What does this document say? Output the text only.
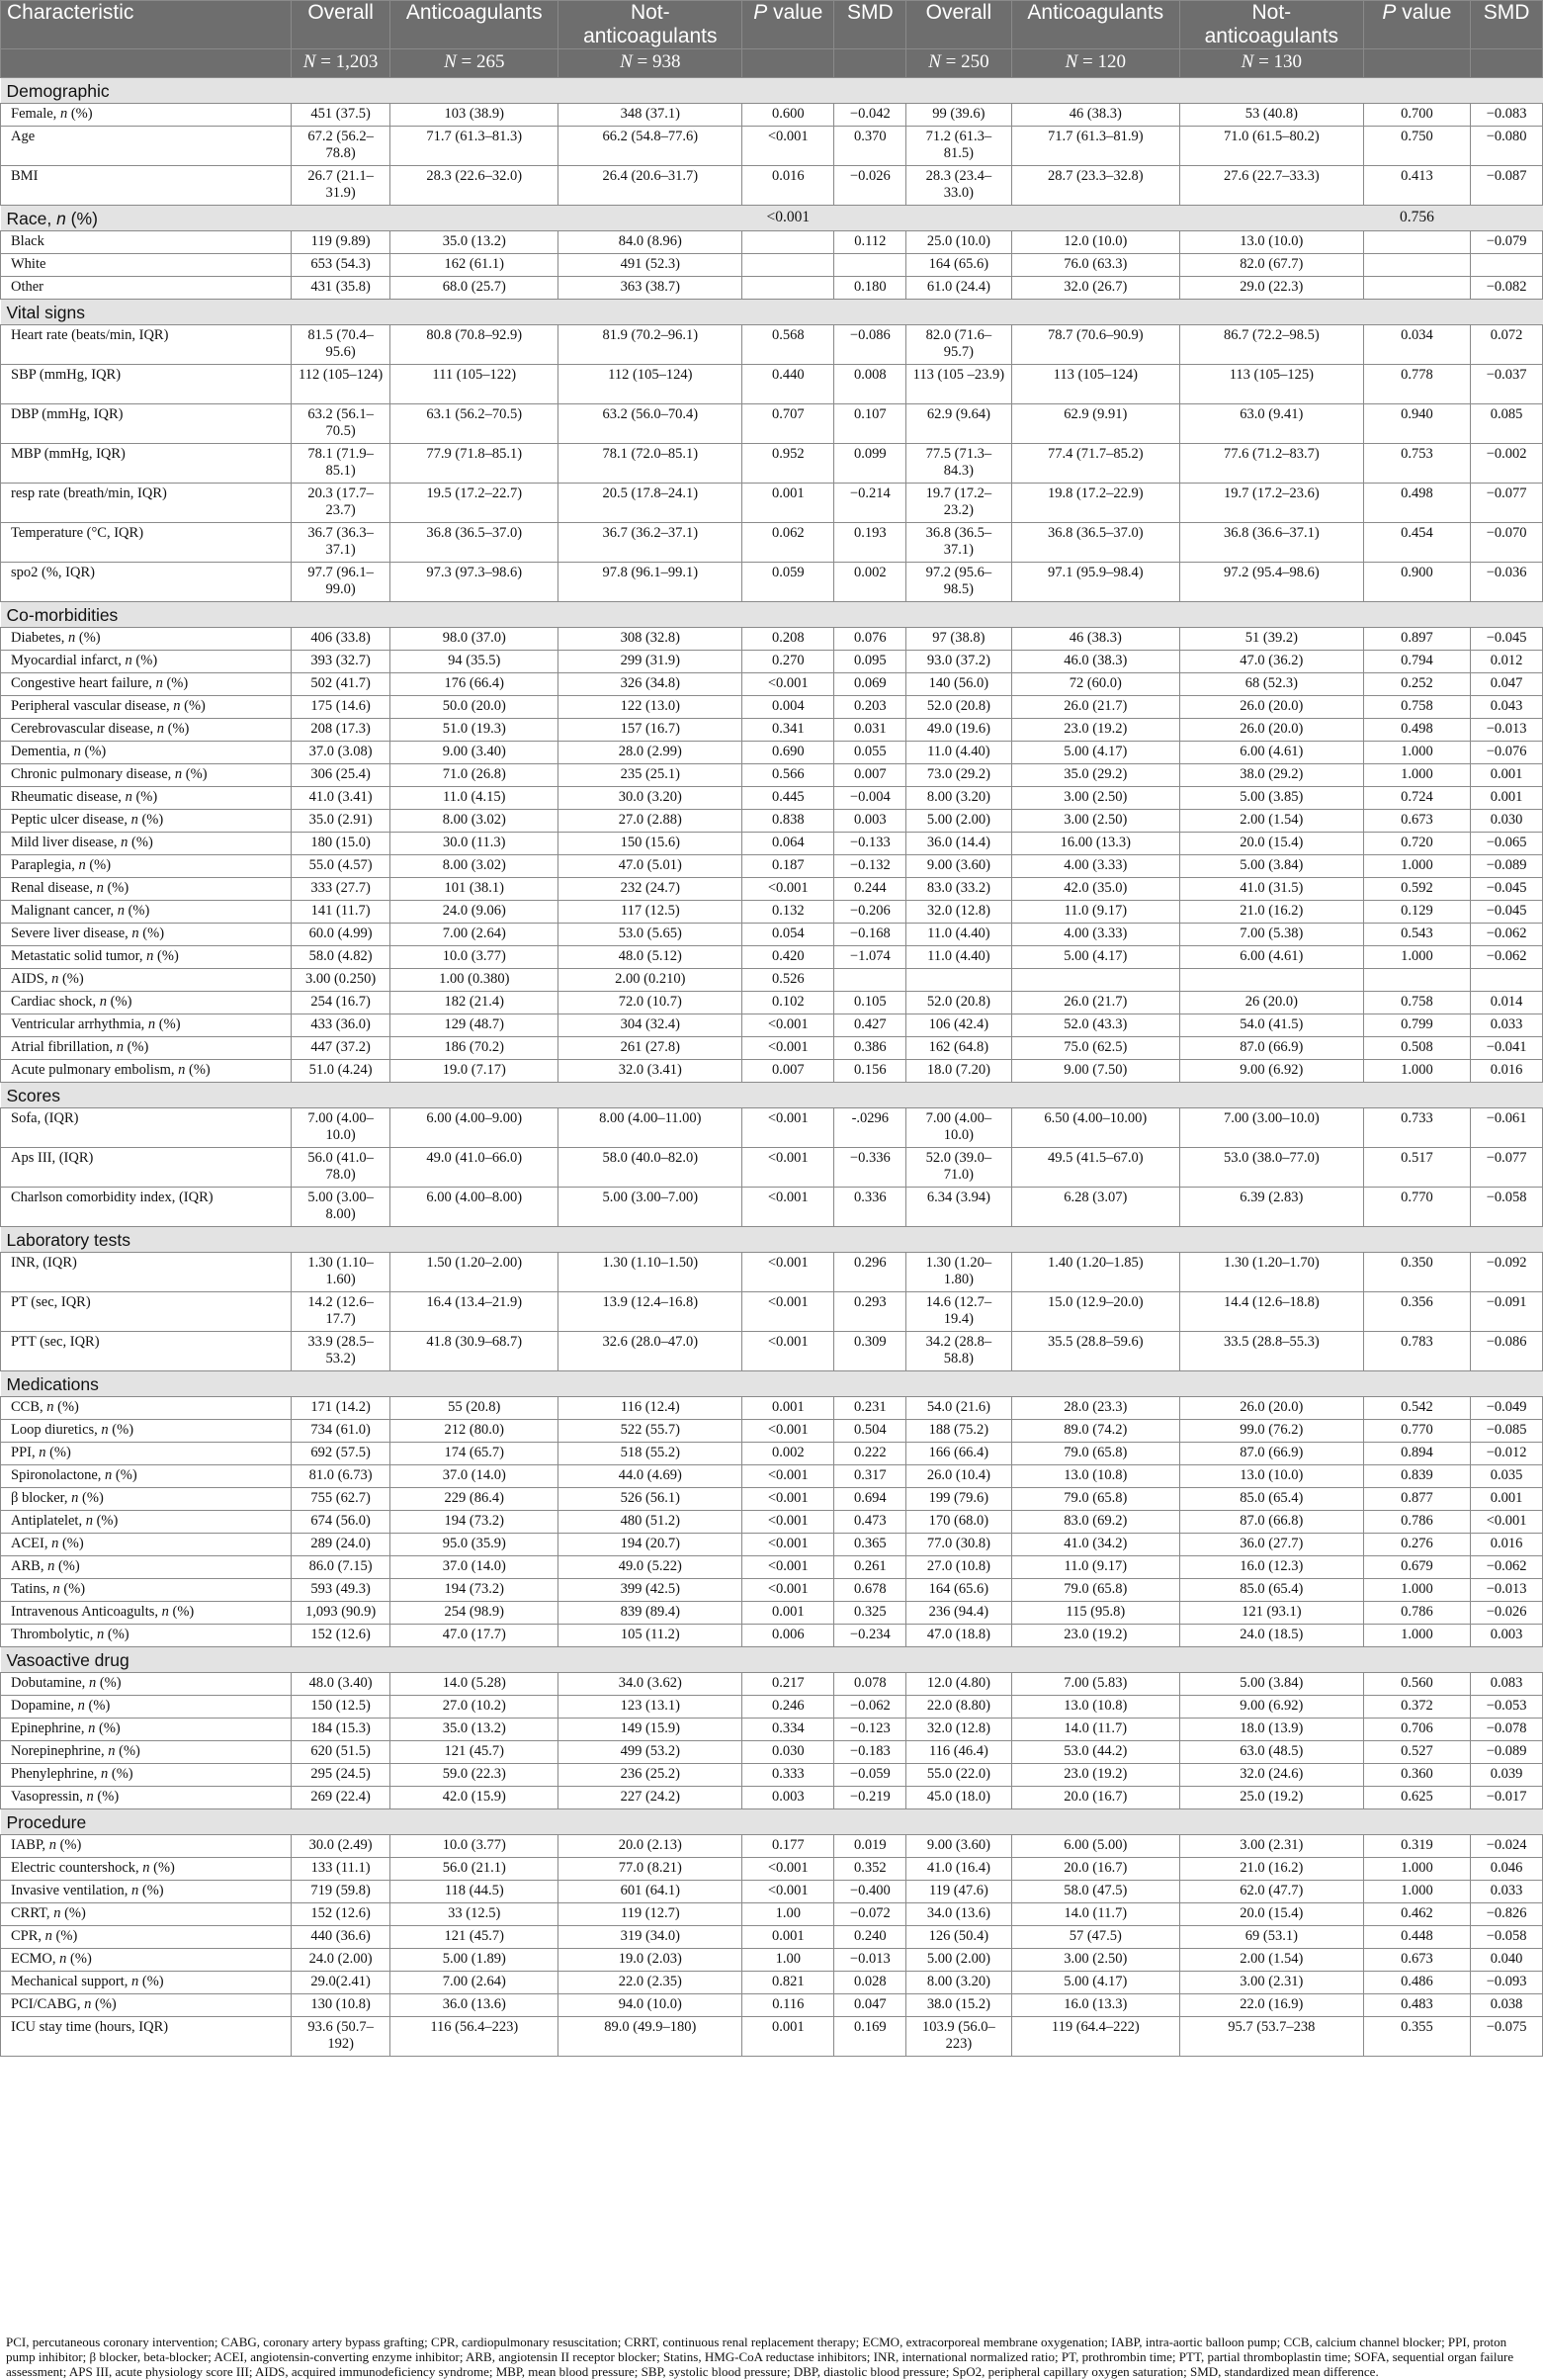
Characteristic	Overall	Anticoagulants	Not-anticoagulants	P value	SMD	Overall	Anticoagulants	Not-anticoagulants	P value	SMD
	N = 1,203	N = 265	N = 938			N = 250	N = 120	N = 130		
Demographic										
Female, n (%)	451 (37.5)	103 (38.9)	348 (37.1)	0.600	−0.042	99 (39.6)	46 (38.3)	53 (40.8)	0.700	−0.083
Age	67.2 (56.2–78.8)	71.7 (61.3–81.3)	66.2 (54.8–77.6)	<0.001	0.370	71.2 (61.3–81.5)	71.7 (61.3–81.9)	71.0 (61.5–80.2)	0.750	−0.080
BMI	26.7 (21.1–31.9)	28.3 (22.6–32.0)	26.4 (20.6–31.7)	0.016	−0.026	28.3 (23.4–33.0)	28.7 (23.3–32.8)	27.6 (22.7–33.3)	0.413	−0.087
Race, n (%)				<0.001					0.756	
Black	119 (9.89)	35.0 (13.2)	84.0 (8.96)		0.112	25.0 (10.0)	12.0 (10.0)	13.0 (10.0)		−0.079
White	653 (54.3)	162 (61.1)	491 (52.3)			164 (65.6)	76.0 (63.3)	82.0 (67.7)		
Other	431 (35.8)	68.0 (25.7)	363 (38.7)		0.180	61.0 (24.4)	32.0 (26.7)	29.0 (22.3)		−0.082
Vital signs										
Heart rate (beats/min, IQR)	81.5 (70.4–95.6)	80.8 (70.8–92.9)	81.9 (70.2–96.1)	0.568	−0.086	82.0 (71.6–95.7)	78.7 (70.6–90.9)	86.7 (72.2–98.5)	0.034	0.072
SBP (mmHg, IQR)	112 (105–124)	111 (105–122)	112 (105–124)	0.440	0.008	113 (105 –23.9)	113 (105–124)	113 (105–125)	0.778	−0.037
DBP (mmHg, IQR)	63.2 (56.1–70.5)	63.1 (56.2–70.5)	63.2 (56.0–70.4)	0.707	0.107	62.9 (9.64)	62.9 (9.91)	63.0 (9.41)	0.940	0.085
MBP (mmHg, IQR)	78.1 (71.9–85.1)	77.9 (71.8–85.1)	78.1 (72.0–85.1)	0.952	0.099	77.5 (71.3–84.3)	77.4 (71.7–85.2)	77.6 (71.2–83.7)	0.753	−0.002
resp rate (breath/min, IQR)	20.3 (17.7–23.7)	19.5 (17.2–22.7)	20.5 (17.8–24.1)	0.001	−0.214	19.7 (17.2–23.2)	19.8 (17.2–22.9)	19.7 (17.2–23.6)	0.498	−0.077
Temperature (°C, IQR)	36.7 (36.3–37.1)	36.8 (36.5–37.0)	36.7 (36.2–37.1)	0.062	0.193	36.8 (36.5–37.1)	36.8 (36.5–37.0)	36.8 (36.6–37.1)	0.454	−0.070
spo2 (%, IQR)	97.7 (96.1–99.0)	97.3 (97.3–98.6)	97.8 (96.1–99.1)	0.059	0.002	97.2 (95.6–98.5)	97.1 (95.9–98.4)	97.2 (95.4–98.6)	0.900	−0.036
Co-morbidities										
Diabetes, n (%)	406 (33.8)	98.0 (37.0)	308 (32.8)	0.208	0.076	97 (38.8)	46 (38.3)	51 (39.2)	0.897	−0.045
Myocardial infarct, n (%)	393 (32.7)	94 (35.5)	299 (31.9)	0.270	0.095	93.0 (37.2)	46.0 (38.3)	47.0 (36.2)	0.794	0.012
Congestive heart failure, n (%)	502 (41.7)	176 (66.4)	326 (34.8)	<0.001	0.069	140 (56.0)	72 (60.0)	68 (52.3)	0.252	0.047
Peripheral vascular disease, n (%)	175 (14.6)	50.0 (20.0)	122 (13.0)	0.004	0.203	52.0 (20.8)	26.0 (21.7)	26.0 (20.0)	0.758	0.043
Cerebrovascular disease, n (%)	208 (17.3)	51.0 (19.3)	157 (16.7)	0.341	0.031	49.0 (19.6)	23.0 (19.2)	26.0 (20.0)	0.498	−0.013
Dementia, n (%)	37.0 (3.08)	9.00 (3.40)	28.0 (2.99)	0.690	0.055	11.0 (4.40)	5.00 (4.17)	6.00 (4.61)	1.000	−0.076
Chronic pulmonary disease, n (%)	306 (25.4)	71.0 (26.8)	235 (25.1)	0.566	0.007	73.0 (29.2)	35.0 (29.2)	38.0 (29.2)	1.000	0.001
Rheumatic disease, n (%)	41.0 (3.41)	11.0 (4.15)	30.0 (3.20)	0.445	−0.004	8.00 (3.20)	3.00 (2.50)	5.00 (3.85)	0.724	0.001
Peptic ulcer disease, n (%)	35.0 (2.91)	8.00 (3.02)	27.0 (2.88)	0.838	0.003	5.00 (2.00)	3.00 (2.50)	2.00 (1.54)	0.673	0.030
Mild liver disease, n (%)	180 (15.0)	30.0 (11.3)	150 (15.6)	0.064	−0.133	36.0 (14.4)	16.00 (13.3)	20.0 (15.4)	0.720	−0.065
Paraplegia, n (%)	55.0 (4.57)	8.00 (3.02)	47.0 (5.01)	0.187	−0.132	9.00 (3.60)	4.00 (3.33)	5.00 (3.84)	1.000	−0.089
Renal disease, n (%)	333 (27.7)	101 (38.1)	232 (24.7)	<0.001	0.244	83.0 (33.2)	42.0 (35.0)	41.0 (31.5)	0.592	−0.045
Malignant cancer, n (%)	141 (11.7)	24.0 (9.06)	117 (12.5)	0.132	−0.206	32.0 (12.8)	11.0 (9.17)	21.0 (16.2)	0.129	−0.045
Severe liver disease, n (%)	60.0 (4.99)	7.00 (2.64)	53.0 (5.65)	0.054	−0.168	11.0 (4.40)	4.00 (3.33)	7.00 (5.38)	0.543	−0.062
Metastatic solid tumor, n (%)	58.0 (4.82)	10.0 (3.77)	48.0 (5.12)	0.420	−1.074	11.0 (4.40)	5.00 (4.17)	6.00 (4.61)	1.000	−0.062
AIDS, n (%)	3.00 (0.250)	1.00 (0.380)	2.00 (0.210)	0.526						
Cardiac shock, n (%)	254 (16.7)	182 (21.4)	72.0 (10.7)	0.102	0.105	52.0 (20.8)	26.0 (21.7)	26 (20.0)	0.758	0.014
Ventricular arrhythmia, n (%)	433 (36.0)	129 (48.7)	304 (32.4)	<0.001	0.427	106 (42.4)	52.0 (43.3)	54.0 (41.5)	0.799	0.033
Atrial fibrillation, n (%)	447 (37.2)	186 (70.2)	261 (27.8)	<0.001	0.386	162 (64.8)	75.0 (62.5)	87.0 (66.9)	0.508	−0.041
Acute pulmonary embolism, n (%)	51.0 (4.24)	19.0 (7.17)	32.0 (3.41)	0.007	0.156	18.0 (7.20)	9.00 (7.50)	9.00 (6.92)	1.000	0.016
Scores										
Sofa, (IQR)	7.00 (4.00–10.0)	6.00 (4.00–9.00)	8.00 (4.00–11.00)	<0.001	-.0296	7.00 (4.00–10.0)	6.50 (4.00–10.00)	7.00 (3.00–10.0)	0.733	−0.061
Aps III, (IQR)	56.0 (41.0–78.0)	49.0 (41.0–66.0)	58.0 (40.0–82.0)	<0.001	−0.336	52.0 (39.0–71.0)	49.5 (41.5–67.0)	53.0 (38.0–77.0)	0.517	−0.077
Charlson comorbidity index, (IQR)	5.00 (3.00–8.00)	6.00 (4.00–8.00)	5.00 (3.00–7.00)	<0.001	0.336	6.34 (3.94)	6.28 (3.07)	6.39 (2.83)	0.770	−0.058
Laboratory tests										
INR, (IQR)	1.30 (1.10–1.60)	1.50 (1.20–2.00)	1.30 (1.10–1.50)	<0.001	0.296	1.30 (1.20–1.80)	1.40 (1.20–1.85)	1.30 (1.20–1.70)	0.350	−0.092
PT (sec, IQR)	14.2 (12.6–17.7)	16.4 (13.4–21.9)	13.9 (12.4–16.8)	<0.001	0.293	14.6 (12.7–19.4)	15.0 (12.9–20.0)	14.4 (12.6–18.8)	0.356	−0.091
PTT (sec, IQR)	33.9 (28.5–53.2)	41.8 (30.9–68.7)	32.6 (28.0–47.0)	<0.001	0.309	34.2 (28.8–58.8)	35.5 (28.8–59.6)	33.5 (28.8–55.3)	0.783	−0.086
Medications										
CCB, n (%)	171 (14.2)	55 (20.8)	116 (12.4)	0.001	0.231	54.0 (21.6)	28.0 (23.3)	26.0 (20.0)	0.542	−0.049
Loop diuretics, n (%)	734 (61.0)	212 (80.0)	522 (55.7)	<0.001	0.504	188 (75.2)	89.0 (74.2)	99.0 (76.2)	0.770	−0.085
PPI, n (%)	692 (57.5)	174 (65.7)	518 (55.2)	0.002	0.222	166 (66.4)	79.0 (65.8)	87.0 (66.9)	0.894	−0.012
Spironolactone, n (%)	81.0 (6.73)	37.0 (14.0)	44.0 (4.69)	<0.001	0.317	26.0 (10.4)	13.0 (10.8)	13.0 (10.0)	0.839	0.035
β blocker, n (%)	755 (62.7)	229 (86.4)	526 (56.1)	<0.001	0.694	199 (79.6)	79.0 (65.8)	85.0 (65.4)	0.877	0.001
Antiplatelet, n (%)	674 (56.0)	194 (73.2)	480 (51.2)	<0.001	0.473	170 (68.0)	83.0 (69.2)	87.0 (66.8)	0.786	<0.001
ACEI, n (%)	289 (24.0)	95.0 (35.9)	194 (20.7)	<0.001	0.365	77.0 (30.8)	41.0 (34.2)	36.0 (27.7)	0.276	0.016
ARB, n (%)	86.0 (7.15)	37.0 (14.0)	49.0 (5.22)	<0.001	0.261	27.0 (10.8)	11.0 (9.17)	16.0 (12.3)	0.679	−0.062
Tatins, n (%)	593 (49.3)	194 (73.2)	399 (42.5)	<0.001	0.678	164 (65.6)	79.0 (65.8)	85.0 (65.4)	1.000	−0.013
Intravenous Anticoagults, n (%)	1,093 (90.9)	254 (98.9)	839 (89.4)	0.001	0.325	236 (94.4)	115 (95.8)	121 (93.1)	0.786	−0.026
Thrombolytic, n (%)	152 (12.6)	47.0 (17.7)	105 (11.2)	0.006	−0.234	47.0 (18.8)	23.0 (19.2)	24.0 (18.5)	1.000	0.003
Vasoactive drug										
Dobutamine, n (%)	48.0 (3.40)	14.0 (5.28)	34.0 (3.62)	0.217	0.078	12.0 (4.80)	7.00 (5.83)	5.00 (3.84)	0.560	0.083
Dopamine, n (%)	150 (12.5)	27.0 (10.2)	123 (13.1)	0.246	−0.062	22.0 (8.80)	13.0 (10.8)	9.00 (6.92)	0.372	−0.053
Epinephrine, n (%)	184 (15.3)	35.0 (13.2)	149 (15.9)	0.334	−0.123	32.0 (12.8)	14.0 (11.7)	18.0 (13.9)	0.706	−0.078
Norepinephrine, n (%)	620 (51.5)	121 (45.7)	499 (53.2)	0.030	−0.183	116 (46.4)	53.0 (44.2)	63.0 (48.5)	0.527	−0.089
Phenylephrine, n (%)	295 (24.5)	59.0 (22.3)	236 (25.2)	0.333	−0.059	55.0 (22.0)	23.0 (19.2)	32.0 (24.6)	0.360	0.039
Vasopressin, n (%)	269 (22.4)	42.0 (15.9)	227 (24.2)	0.003	−0.219	45.0 (18.0)	20.0 (16.7)	25.0 (19.2)	0.625	−0.017
Procedure										
IABP, n (%)	30.0 (2.49)	10.0 (3.77)	20.0 (2.13)	0.177	0.019	9.00 (3.60)	6.00 (5.00)	3.00 (2.31)	0.319	−0.024
Electric countershock, n (%)	133 (11.1)	56.0 (21.1)	77.0 (8.21)	<0.001	0.352	41.0 (16.4)	20.0 (16.7)	21.0 (16.2)	1.000	0.046
Invasive ventilation, n (%)	719 (59.8)	118 (44.5)	601 (64.1)	<0.001	−0.400	119 (47.6)	58.0 (47.5)	62.0 (47.7)	1.000	0.033
CRRT, n (%)	152 (12.6)	33 (12.5)	119 (12.7)	1.00	−0.072	34.0 (13.6)	14.0 (11.7)	20.0 (15.4)	0.462	−0.826
CPR, n (%)	440 (36.6)	121 (45.7)	319 (34.0)	0.001	0.240	126 (50.4)	57 (47.5)	69 (53.1)	0.448	−0.058
ECMO, n (%)	24.0 (2.00)	5.00 (1.89)	19.0 (2.03)	1.00	−0.013	5.00 (2.00)	3.00 (2.50)	2.00 (1.54)	0.673	0.040
Mechanical support, n (%)	29.0(2.41)	7.00 (2.64)	22.0 (2.35)	0.821	0.028	8.00 (3.20)	5.00 (4.17)	3.00 (2.31)	0.486	−0.093
PCI/CABG, n (%)	130 (10.8)	36.0 (13.6)	94.0 (10.0)	0.116	0.047	38.0 (15.2)	16.0 (13.3)	22.0 (16.9)	0.483	0.038
ICU stay time (hours, IQR)	93.6 (50.7–192)	116 (56.4–223)	89.0 (49.9–180)	0.001	0.169	103.9 (56.0–223)	119 (64.4–222)	95.7 (53.7–238	0.355	−0.075
PCI, percutaneous coronary intervention; CABG, coronary artery bypass grafting; CPR, cardiopulmonary resuscitation; CRRT, continuous renal replacement therapy; ECMO, extracorporeal membrane oxygenation; IABP, intra-aortic balloon pump; CCB, calcium channel blocker; PPI, proton pump inhibitor; β blocker, beta-blocker; ACEI, angiotensin-converting enzyme inhibitor; ARB, angiotensin II receptor blocker; Statins, HMG-CoA reductase inhibitors; INR, international normalized ratio; PT, prothrombin time; PTT, partial thromboplastin time; SOFA, sequential organ failure assessment; APS III, acute physiology score III; AIDS, acquired immunodeficiency syndrome; MBP, mean blood pressure; SBP, systolic blood pressure; DBP, diastolic blood pressure; SpO2, peripheral capillary oxygen saturation; SMD, standardized mean difference.
